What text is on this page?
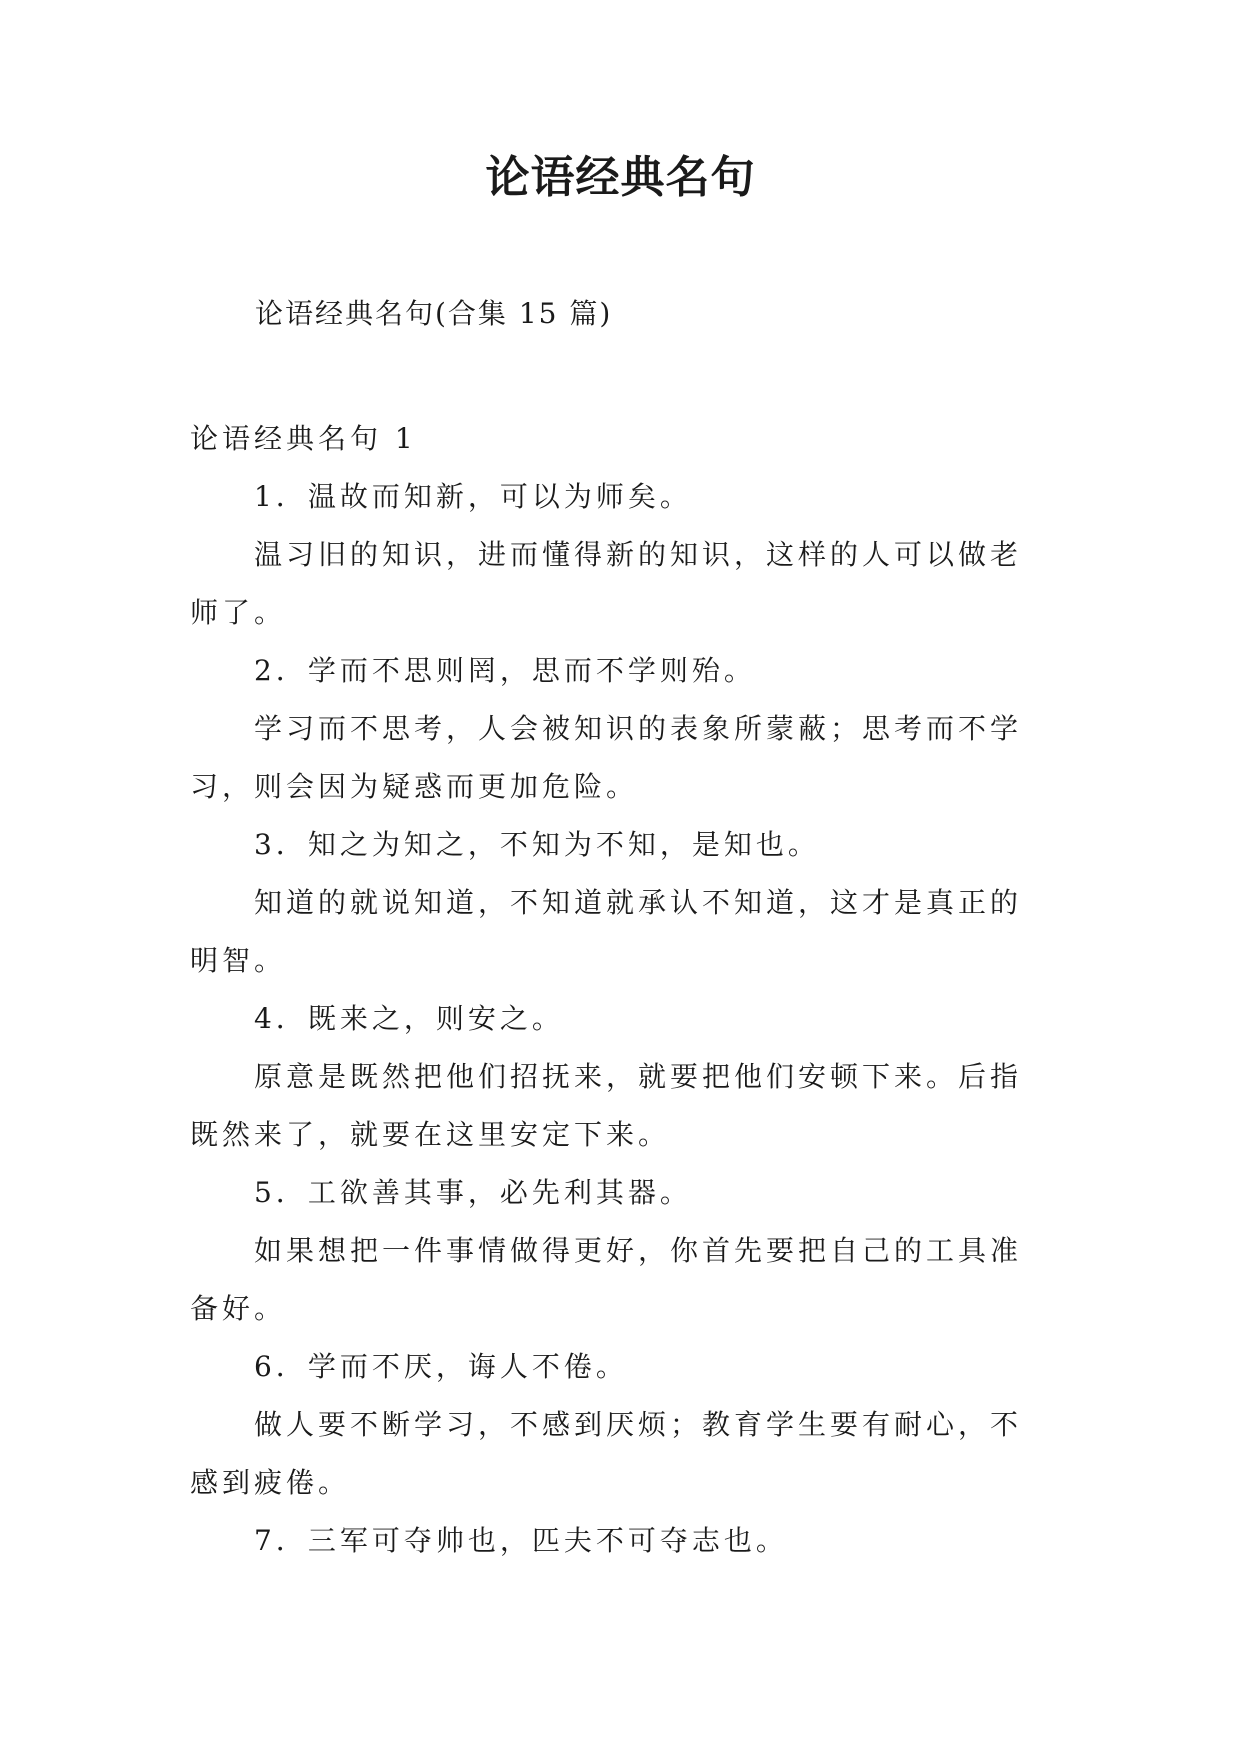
论语经典名句
论语经典名句(合集 15 篇)

论语经典名句 1

1．温故而知新，可以为师矣。

温习旧的知识，进而懂得新的知识，这样的人可以做老师了。

2．学而不思则罔，思而不学则殆。

学习而不思考，人会被知识的表象所蒙蔽；思考而不学习，则会因为疑惑而更加危险。

3．知之为知之，不知为不知，是知也。

知道的就说知道，不知道就承认不知道，这才是真正的明智。

4．既来之，则安之。

原意是既然把他们招抚来，就要把他们安顿下来。后指既然来了，就要在这里安定下来。

5．工欲善其事，必先利其器。

如果想把一件事情做得更好，你首先要把自己的工具准备好。

6．学而不厌，诲人不倦。

做人要不断学习，不感到厌烦；教育学生要有耐心，不感到疲倦。

7．三军可夺帅也，匹夫不可夺志也。
